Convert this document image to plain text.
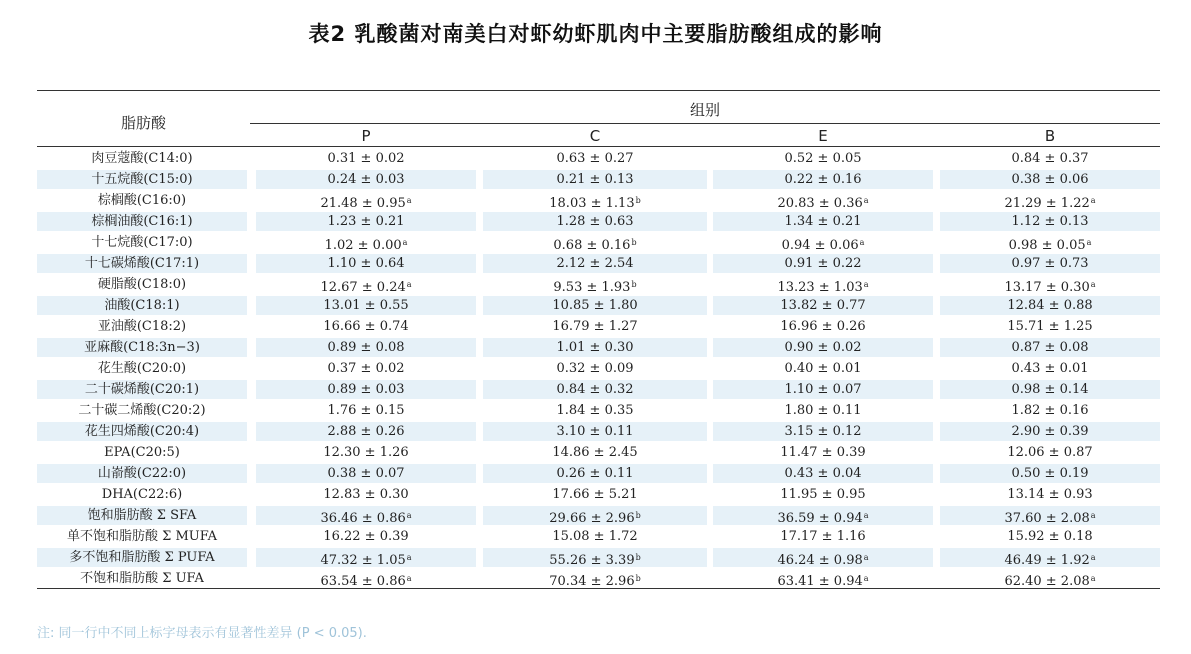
表2 乳酸菌对南美白对虾幼虾肌肉中主要脂肪酸组成的影响
脂肪酸
组别
P	C	E	B
肉豆蔻酸(C14:0)	0.31 ± 0.02	0.63 ± 0.27	0.52 ± 0.05	0.84 ± 0.37
十五烷酸(C15:0)	0.24 ± 0.03	0.21 ± 0.13	0.22 ± 0.16	0.38 ± 0.06
棕榈酸(C16:0)	21.48 ± 0.95$^a$	18.03 ± 1.13$^b$	20.83 ± 0.36$^a$	21.29 ± 1.22$^a$
棕榈油酸(C16:1)	1.23 ± 0.21	1.28 ± 0.63	1.34 ± 0.21	1.12 ± 0.13
十七烷酸(C17:0)	1.02 ± 0.00$^a$	0.68 ± 0.16$^b$	0.94 ± 0.06$^a$	0.98 ± 0.05$^a$
十七碳烯酸(C17:1)	1.10 ± 0.64	2.12 ± 2.54	0.91 ± 0.22	0.97 ± 0.73
硬脂酸(C18:0)	12.67 ± 0.24$^a$	9.53 ± 1.93$^b$	13.23 ± 1.03$^a$	13.17 ± 0.30$^a$
油酸(C18:1)	13.01 ± 0.55	10.85 ± 1.80	13.82 ± 0.77	12.84 ± 0.88
亚油酸(C18:2)	16.66 ± 0.74	16.79 ± 1.27	16.96 ± 0.26	15.71 ± 1.25
亚麻酸(C18:3n−3)	0.89 ± 0.08	1.01 ± 0.30	0.90 ± 0.02	0.87 ± 0.08
花生酸(C20:0)	0.37 ± 0.02	0.32 ± 0.09	0.40 ± 0.01	0.43 ± 0.01
二十碳烯酸(C20:1)	0.89 ± 0.03	0.84 ± 0.32	1.10 ± 0.07	0.98 ± 0.14
二十碳二烯酸(C20:2)	1.76 ± 0.15	1.84 ± 0.35	1.80 ± 0.11	1.82 ± 0.16
花生四烯酸(C20:4)	2.88 ± 0.26	3.10 ± 0.11	3.15 ± 0.12	2.90 ± 0.39
EPA(C20:5)	12.30 ± 1.26	14.86 ± 2.45	11.47 ± 0.39	12.06 ± 0.87
山嵛酸(C22:0)	0.38 ± 0.07	0.26 ± 0.11	0.43 ± 0.04	0.50 ± 0.19
DHA(C22:6)	12.83 ± 0.30	17.66 ± 5.21	11.95 ± 0.95	13.14 ± 0.93
饱和脂肪酸 Σ SFA	36.46 ± 0.86$^a$	29.66 ± 2.96$^b$	36.59 ± 0.94$^a$	37.60 ± 2.08$^a$
单不饱和脂肪酸 Σ MUFA	16.22 ± 0.39	15.08 ± 1.72	17.17 ± 1.16	15.92 ± 0.18
多不饱和脂肪酸 Σ PUFA	47.32 ± 1.05$^a$	55.26 ± 3.39$^b$	46.24 ± 0.98$^a$	46.49 ± 1.92$^a$
不饱和脂肪酸 Σ UFA	63.54 ± 0.86$^a$	70.34 ± 2.96$^b$	63.41 ± 0.94$^a$	62.40 ± 2.08$^a$
注: 同一行中不同上标字母表示有显著性差异 (P < 0.05).
